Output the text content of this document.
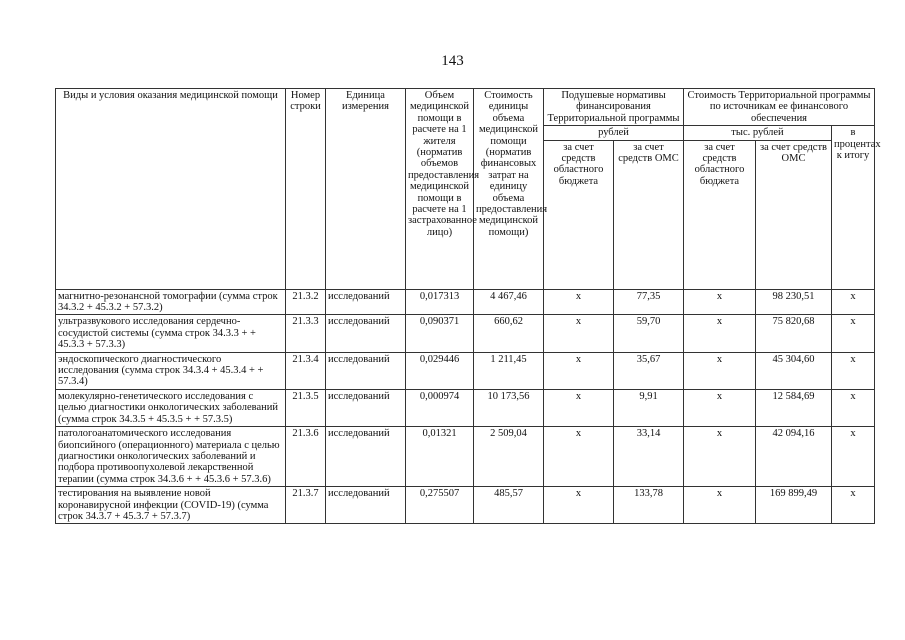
143
Виды и условия оказания медицинской помощи	Номер строки	Единица измерения	Объем медицинской помощи в расчете на 1 жителя (норматив объемов предоставления медицинской помощи в расчете на 1 застрахованное лицо)	Стоимость единицы объема медицинской помощи (норматив финансовых затрат на единицу объема предоставления медицинской помощи)	Подушевые нормативы финансирования Территориальной программы		Стоимость Территориальной программы по источникам ее финансового обеспечения		
					рублей		тыс. рублей		в процентах к итогу
					за счет средств областного бюджета	за счет средств ОМС	за счет средств областного бюджета	за счет средств ОМС	
магнитно-резонансной томографии (сумма строк 34.3.2 + 45.3.2 + 57.3.2)	21.3.2	исследований	0,017313	4 467,46	х	77,35	х	98 230,51	х
ультразвукового исследования сердечно-сосудистой системы (сумма строк 34.3.3 + + 45.3.3 + 57.3.3)	21.3.3	исследований	0,090371	660,62	х	59,70	х	75 820,68	х
эндоскопического диагностического исследования (сумма строк 34.3.4 + 45.3.4 + + 57.3.4)	21.3.4	исследований	0,029446	1 211,45	х	35,67	х	45 304,60	х
молекулярно-генетического исследования с целью диагностики онкологических заболеваний (сумма строк 34.3.5 + 45.3.5 + + 57.3.5)	21.3.5	исследований	0,000974	10 173,56	х	9,91	х	12 584,69	х
патологоанатомического исследования биопсийного (операционного) материала с целью диагностики онкологических заболеваний и подбора противоопухолевой лекарственной терапии (сумма строк 34.3.6 + + 45.3.6 + 57.3.6)	21.3.6	исследований	0,01321	2 509,04	х	33,14	х	42 094,16	х
тестирования на выявление новой коронавирусной инфекции (COVID-19) (сумма строк 34.3.7 + 45.3.7 + 57.3.7)	21.3.7	исследований	0,275507	485,57	х	133,78	х	169 899,49	х
